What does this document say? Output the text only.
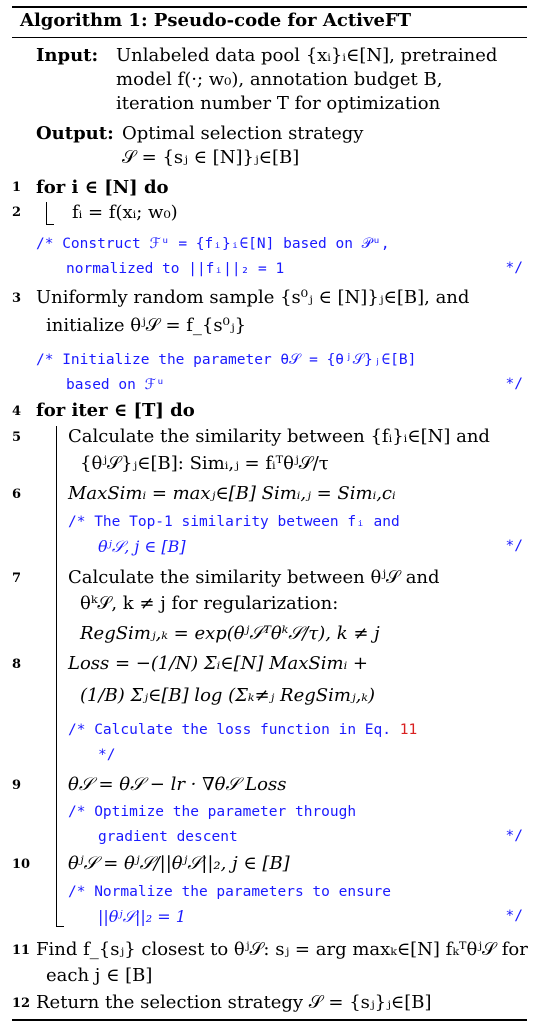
Algorithm 1: Pseudo-code for ActiveFT
Input: Unlabeled data pool {xᵢ}ᵢ∈[N], pretrained
model f(·; w₀), annotation budget B,
iteration number T for optimization
Output: Optimal selection strategy
𝒮 = {sⱼ ∈ [N]}ⱼ∈[B]
1 for i ∈ [N] do
2	fᵢ = f(xᵢ; w₀)
/* Construct ℱᵘ = {fᵢ}ᵢ∈[N] based on 𝒫ᵘ,
normalized to ||fᵢ||₂ = 1	*/
3 Uniformly random sample {s⁰ⱼ ∈ [N]}ⱼ∈[B], and
initialize θʲ𝒮 = f_{s⁰ⱼ}
/* Initialize the parameter θ𝒮 = {θʲ𝒮}ⱼ∈[B]
based on ℱᵘ	*/
4 for iter ∈ [T] do
5	Calculate the similarity between {fᵢ}ᵢ∈[N] and
{θʲ𝒮}ⱼ∈[B]: Simᵢ,ⱼ = fᵢᵀθʲ𝒮/τ
6	MaxSimᵢ = maxⱼ∈[B] Simᵢ,ⱼ = Simᵢ,cᵢ
/* The Top-1 similarity between fᵢ and
θʲ𝒮, j ∈ [B]	*/
7	Calculate the similarity between θʲ𝒮 and
θᵏ𝒮, k ≠ j for regularization:
RegSimⱼ,ₖ = exp(θʲ𝒮ᵀθᵏ𝒮/τ), k ≠ j
8	Loss = −(1/N) Σᵢ∈[N] MaxSimᵢ +
(1/B) Σⱼ∈[B] log (Σₖ≠ⱼ RegSimⱼ,ₖ)
/* Calculate the loss function in Eq. 11
*/
9	θ𝒮 = θ𝒮 − lr · ∇θ𝒮 Loss
/* Optimize the parameter through
gradient descent	*/
10 θʲ𝒮 = θʲ𝒮/||θʲ𝒮||₂, j ∈ [B]
/* Normalize the parameters to ensure
||θʲ𝒮||₂ = 1	*/
11 Find f_{sⱼ} closest to θʲ𝒮: sⱼ = arg maxₖ∈[N] fₖᵀθʲ𝒮 for
each j ∈ [B]
12 Return the selection strategy 𝒮 = {sⱼ}ⱼ∈[B]
